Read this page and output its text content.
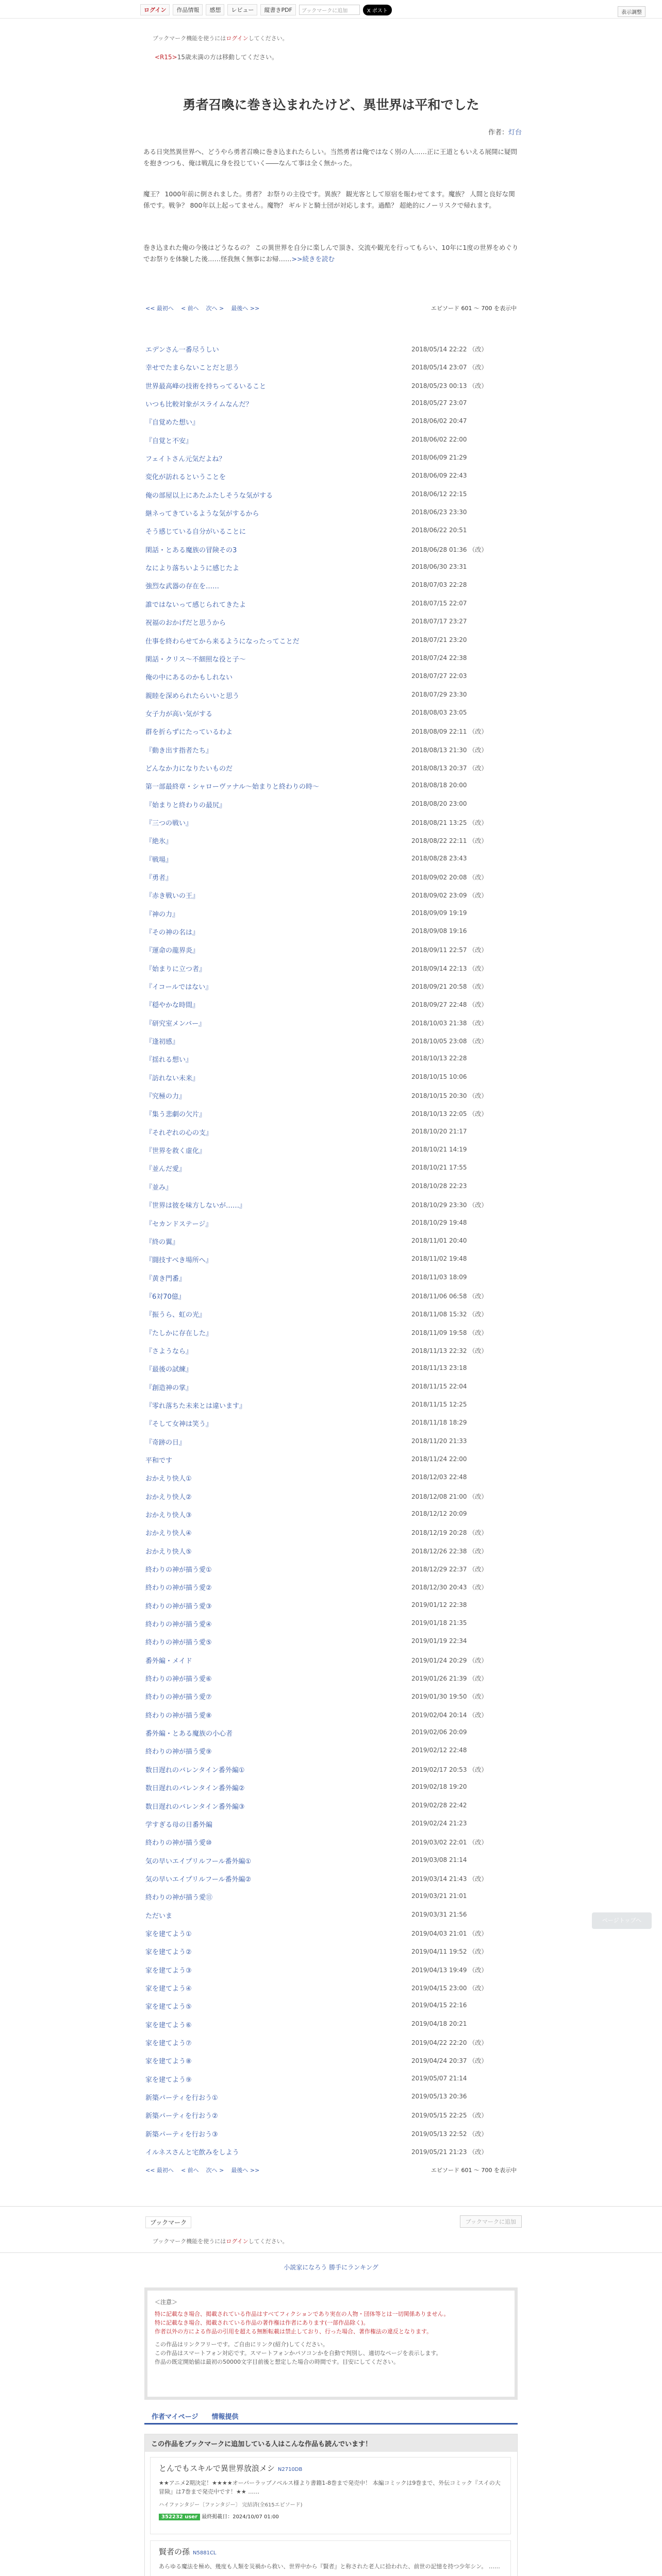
ログイン	作品情報	感想	レビュー	縦書きPDF	ブックマークに追加	X ポスト	表示調整
ブックマーク機能を使うにはログインしてください。
<R15>15歳未満の方は移動してください。
勇者召喚に巻き込まれたけど、異世界は平和でした
作者：灯台
ある日突然異世界へ、どうやら勇者召喚に巻き込まれたらしい。当然勇者は俺ではなく別の人……正に王道ともいえる展開に疑問を抱きつつも、俺は戦乱に身を投じていく――なんて事は全く無かった。
魔王？ 1000年前に倒されました。勇者？ お祭りの主役です。異族？ 観光客として原宿を賑わせてます。魔族？ 人間と良好な関係です。戦争？ 800年以上起ってません。魔物？ ギルドと騎士団が対応します。過酷？ 超絶的にノーリスクで帰れます。
巻き込まれた俺の今後はどうなるの？ この異世界を自分に楽しんで頂き、交流や観光を行ってもらい、10年に1度の世界をめぐりでお祭りを体験した後……怪我無く無事にお帰……>>続きを読む
<< 最初へ < 前へ 次へ > 最後へ >>	エピソード 601 〜 700 を表示中
エデンさん一番尽うしい	2018/05/14 22:22 （改）
幸せでたまらないことだと思う	2018/05/14 23:07 （改）
世界最高峰の技術を持ちってるいること	2018/05/23 00:13 （改）
いつも比較対象がスライムなんだ？	2018/05/27 23:07
『自覚めた想い』	2018/06/02 20:47
『自覚と不安』	2018/06/02 22:00
フェイトさん元気だよね？	2018/06/09 21:29
変化が訪れるということを	2018/06/09 22:43
俺の部屋以上にあたふたしそうな気がする	2018/06/12 22:15
継ネってきているような気がするから	2018/06/23 23:30
そう感じている自分がいることに	2018/06/22 20:51
閑話・とある魔族の冒険その3	2018/06/28 01:36 （改）
なにより落ちいように感じたよ	2018/06/30 23:31
強烈な武器の存在を……	2018/07/03 22:28
誰ではないって感じられてきたよ	2018/07/15 22:07
祝福のおかげだと思うから	2018/07/17 23:27
仕事を終わらせてから来るようになったってことだ	2018/07/21 23:20
閑話・クリス〜不細照な役と子〜	2018/07/24 22:38
俺の中にあるのかもしれない	2018/07/27 22:03
親睦を深められたらいいと思う	2018/07/29 23:30
女子力が高い気がする	2018/08/03 23:05
群を折らずにたっているわよ	2018/08/09 22:11 （改）
『動き出す指者たち』	2018/08/13 21:30 （改）
どんなか力になりたいものだ	2018/08/13 20:37 （改）
第一部最終章・シャローヴァナル〜始まりと終わりの時〜	2018/08/18 20:00
『始まりと終わりの最尻』	2018/08/20 23:00
『三つの戦い』	2018/08/21 13:25 （改）
『絶氷』	2018/08/22 22:11 （改）
『戦場』	2018/08/28 23:43
『勇者』	2018/09/02 20:08 （改）
『赤き戦いの王』	2018/09/02 23:09 （改）
『神の力』	2018/09/09 19:19
『その神の名は』	2018/09/08 19:16
『運命の龍界炎』	2018/09/11 22:57 （改）
『始まりに立つ者』	2018/09/14 22:13 （改）
『イコールではない』	2018/09/21 20:58 （改）
『穏やかな時間』	2018/09/27 22:48 （改）
『研究室メンバー』	2018/10/03 21:38 （改）
『逢初感』	2018/10/05 23:08 （改）
『揺れる想い』	2018/10/13 22:28
『訪れない未来』	2018/10/15 10:06
『究極の力』	2018/10/15 20:30 （改）
『集う悲劇の欠片』	2018/10/13 22:05 （改）
『それぞれの心の支』	2018/10/20 21:17
『世界を救く虚化』	2018/10/21 14:19
『並んだ愛』	2018/10/21 17:55
『並み』	2018/10/28 22:23
『世界は彼を味方しないが……』	2018/10/29 23:30 （改）
『セカンドステージ』	2018/10/29 19:48
『終の翼』	2018/11/01 20:40
『闘技すべき場所へ』	2018/11/02 19:48
『黄き門番』	2018/11/03 18:09
『6対70億』	2018/11/06 06:58 （改）
『振うら、虹の光』	2018/11/08 15:32 （改）
『たしかに存在した』	2018/11/09 19:58 （改）
『さようなら』	2018/11/13 22:32 （改）
『最後の試練』	2018/11/13 23:18
『創造神の掌』	2018/11/15 22:04
『零れ落ちた未来とは違います』	2018/11/15 12:25
『そして女神は笑う』	2018/11/18 18:29
『奇跡の日』	2018/11/20 21:33
平和です	2018/11/24 22:00
おかえり快人①	2018/12/03 22:48
おかえり快人②	2018/12/08 21:00 （改）
おかえり快人③	2018/12/12 20:09
おかえり快人④	2018/12/19 20:28 （改）
おかえり快人⑤	2018/12/26 22:38 （改）
終わりの神が描う愛①	2018/12/29 22:37 （改）
終わりの神が描う愛②	2018/12/30 20:43 （改）
終わりの神が描う愛③	2019/01/12 22:38
終わりの神が描う愛④	2019/01/18 21:35
終わりの神が描う愛⑤	2019/01/19 22:34
番外編・メイド	2019/01/24 20:29 （改）
終わりの神が描う愛⑥	2019/01/26 21:39 （改）
終わりの神が描う愛⑦	2019/01/30 19:50 （改）
終わりの神が描う愛⑧	2019/02/04 20:14 （改）
番外編・とある魔族の小心者	2019/02/06 20:09
終わりの神が描う愛⑨	2019/02/12 22:48
数日遅れのバレンタイン番外編①	2019/02/17 20:53 （改）
数日遅れのバレンタイン番外編②	2019/02/18 19:20
数日遅れのバレンタイン番外編③	2019/02/28 22:42
学すぎる母の日番外編	2019/02/24 21:23
終わりの神が描う愛⑩	2019/03/02 22:01 （改）
気の早いエイプリルフール番外編①	2019/03/08 21:14
気の早いエイプリルフール番外編②	2019/03/14 21:43 （改）
終わりの神が描う愛⑪	2019/03/21 21:01
ただいま	2019/03/31 21:56
家を建てよう①	2019/04/03 21:01 （改）
家を建てよう②	2019/04/11 19:52 （改）
家を建てよう③	2019/04/13 19:49 （改）
家を建てよう④	2019/04/15 23:00 （改）
家を建てよう⑤	2019/04/15 22:16
家を建てよう⑥	2019/04/18 20:21
家を建てよう⑦	2019/04/22 22:20 （改）
家を建てよう⑧	2019/04/24 20:37 （改）
家を建てよう⑨	2019/05/07 21:14
新築パーティを行おう①	2019/05/13 20:36
新築パーティを行おう②	2019/05/15 22:25 （改）
新築パーティを行おう③	2019/05/13 22:52 （改）
イルネスさんと宅飲みをしよう	2019/05/21 21:23 （改）
ページトップへ
<< 最初へ < 前へ 次へ > 最後へ >>	エピソード 601 〜 700 を表示中
ブックマーク	ブックマークに追加
ブックマーク機能を使うにはログインしてください。
小説家になろう 勝手にランキング
＜注意＞
特に記載なき場合、掲載されている作品はすべてフィクションであり実在の人物・団体等とは一切関係ありません。
特に記載なき場合、掲載されている作品の著作権は作者にあります(一部作品除く)。
作者以外の方による作品の引用を超える無断転載は禁止しており、行った場合、著作権法の違反となります。
この作品はリンクフリーです。ご自由にリンク(紹介)してください。
この作品はスマートフォン対応です。スマートフォンかパソコンかを自動で判別し、適切なページを表示します。
作品の既定開始値は最初の50000文字目前後と想定した場合の時間です。目安にしてください。
作者マイページ 情報提供
この作品をブックマークに追加している人はこんな作品も読んでいます！
とんでもスキルで異世界放浪メシ N2710DB
★★アニメ2期決定！★★★★オーバーラップノベルス様より書籍1-8巻まで発売中！ 本編コミックは9巻まで、外伝コミック『スイの大冒険』は7巻まで発売中です！★★ ……
ハイファンタジー〔ファンタジー〕 完結済(全615エピソード)
352232 user 最終掲載日：2024/10/07 01:00
賢者の孫 N5881CL
あらゆる魔法を極め、幾度も人類を災禍から救い、世界中から『賢者』と称された老人に拾われた、前世の記憶を持つ少年シン。 ……
